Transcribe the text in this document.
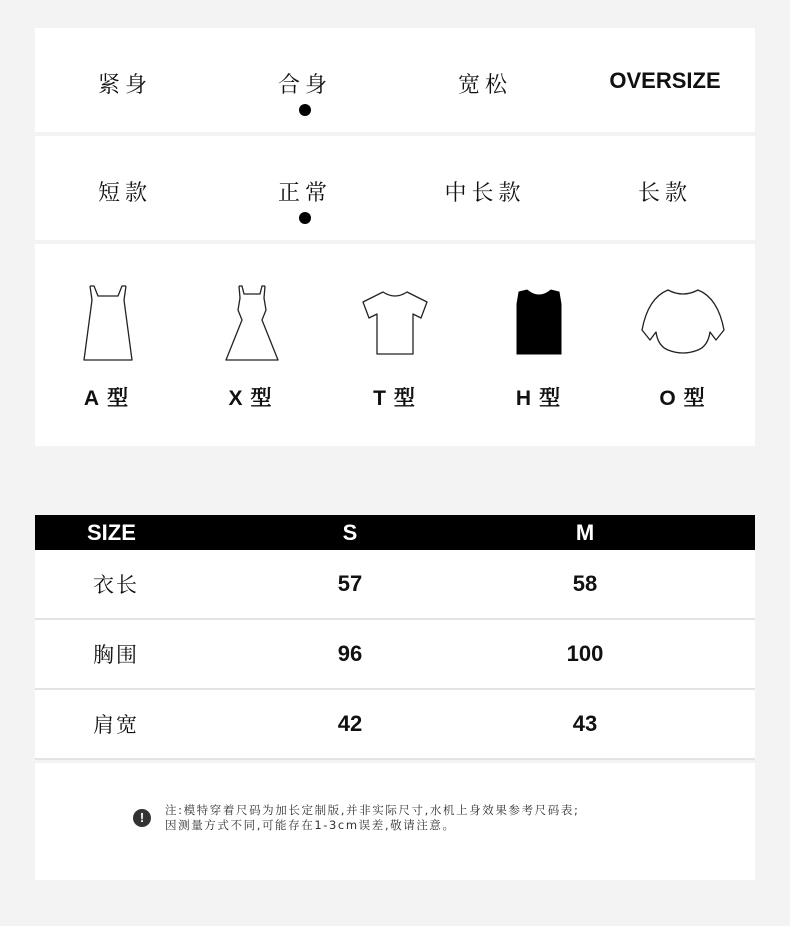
紧身	合身	宽松	OVERSIZE
短款	正常	中长款	长款
A 型	X 型	T 型	H 型	O 型
SIZE	S	M
衣长	57	58
胸围	96	100
肩宽	42	43
!	注:模特穿着尺码为加长定制版,并非实际尺寸,水机上身效果参考尺码表;
因测量方式不同,可能存在1-3cm误差,敬请注意。
